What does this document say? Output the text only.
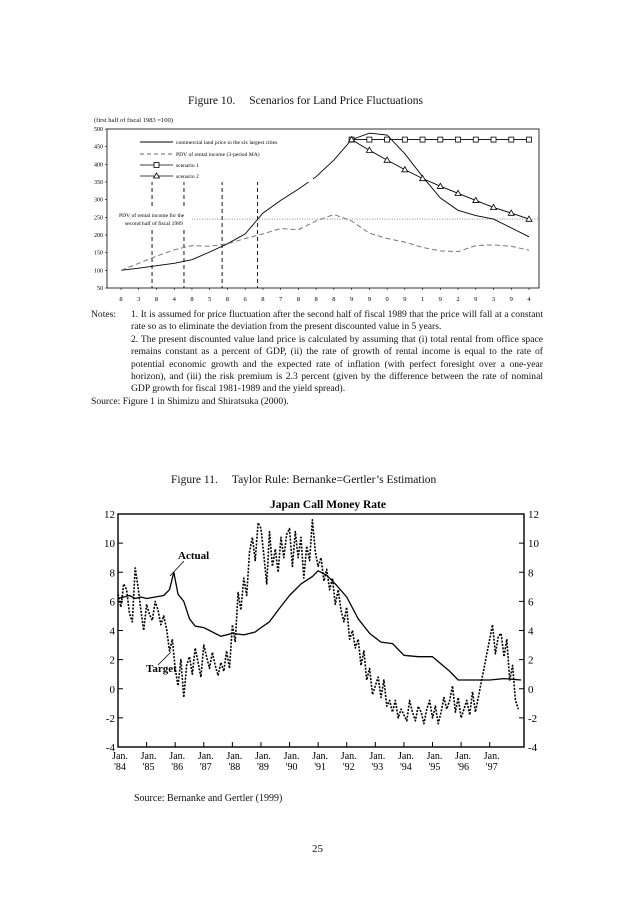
Figure 10. Scenarios for Land Price Fluctuations
(first half of fiscal 1983 =100)
500
450
400
350
300
250
200
150
100
50
8 3 8 4 8 5 8 6 8 7 8 8 8 9 9 0 9 1 9 2 9 3 9 4
commercial land price in the six largest cities
PDV of rental income (3-period MA)
scenario 1
scenario 2
PDV of rental income for the
second half of fiscal 1989
Notes:	1. It is assumed for price fluctuation after the second half of fiscal 1989 that the price will fall at a constant rate so as to eliminate the deviation from the present discounted value in 5 years.
2. The present discounted value land price is calculated by assuming that (i) total rental from office space remains constant as a percent of GDP, (ii) the rate of growth of rental income is equal to the rate of potential economic growth and the expected rate of inflation (with perfect foresight over a one-year horizon), and (iii) the risk premium is 2.3 percent (given by the difference between the rate of nominal GDP growth for fiscal 1981-1989 and the yield spread).
Source: Figure 1 in Shimizu and Shiratsuka (2000).
Figure 11. Taylor Rule: Bernanke=Gertler’s Estimation
Japan Call Money Rate
12	12
10	10
8	8
6	6
4	4
2	2
0	0
-2	-2
-4	-4
Jan.
'84
Jan.
'85
Jan.
'86
Jan.
'87
Jan.
'88
Jan.
'89
Jan.
'90
Jan.
'91
Jan.
'92
Jan.
'93
Jan.
'94
Jan.
'95
Jan.
'96
Jan.
'97
Target
Actual
Source: Bernanke and Gertler (1999)
25
